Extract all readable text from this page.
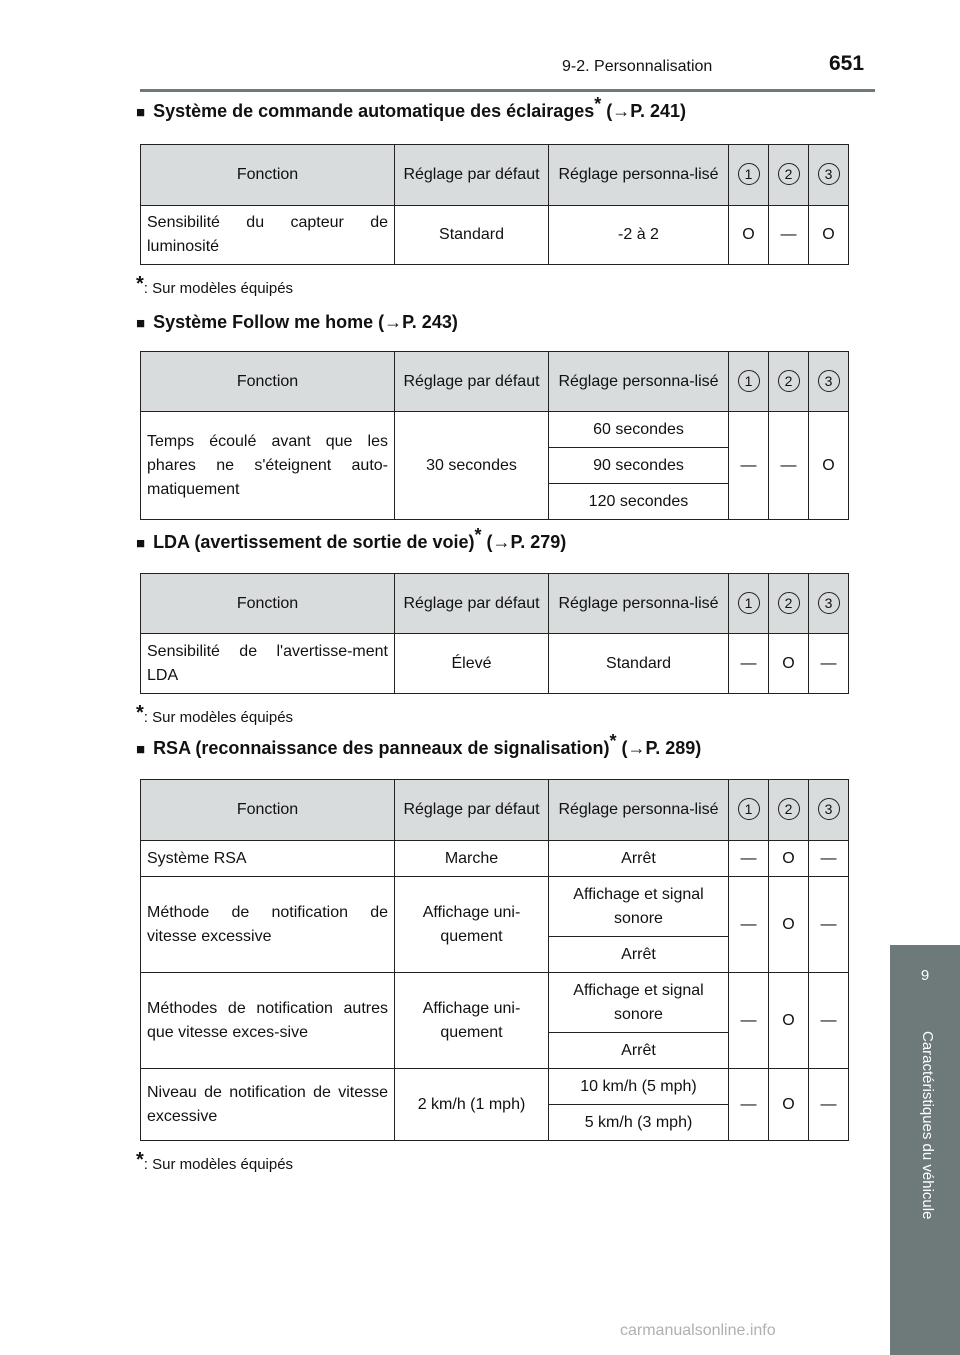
9-2. Personnalisation	651
9
Caractéristiques du véhicule
■ Système de commande automatique des éclairages* (→P. 241)
Fonction	Réglage par défaut	Réglage personna-lisé	1	2	3
Sensibilité du capteur de luminosité	Standard	-2 à 2	O	—	O
*: Sur modèles équipés
■ Système Follow me home (→P. 243)
Fonction	Réglage par défaut	Réglage personna-lisé	1	2	3
Temps écoulé avant que les phares ne s'éteignent auto-matiquement	30 secondes	60 secondes	—	—	O
		90 secondes			
		120 secondes			
■ LDA (avertissement de sortie de voie)* (→P. 279)
Fonction	Réglage par défaut	Réglage personna-lisé	1	2	3
Sensibilité de l'avertisse-ment LDA	Élevé	Standard	—	O	—
*: Sur modèles équipés
■ RSA (reconnaissance des panneaux de signalisation)* (→P. 289)
Fonction	Réglage par défaut	Réglage personna-lisé	1	2	3
Système RSA	Marche	Arrêt	—	O	—
Méthode de notification de vitesse excessive	Affichage uni-quement	Affichage et signal sonore	—	O	—
		Arrêt			
Méthodes de notification autres que vitesse exces-sive	Affichage uni-quement	Affichage et signal sonore	—	O	—
		Arrêt			
Niveau de notification de vitesse excessive	2 km/h (1 mph)	10 km/h (5 mph)	—	O	—
		5 km/h (3 mph)			
*: Sur modèles équipés
carmanualsonline.info
